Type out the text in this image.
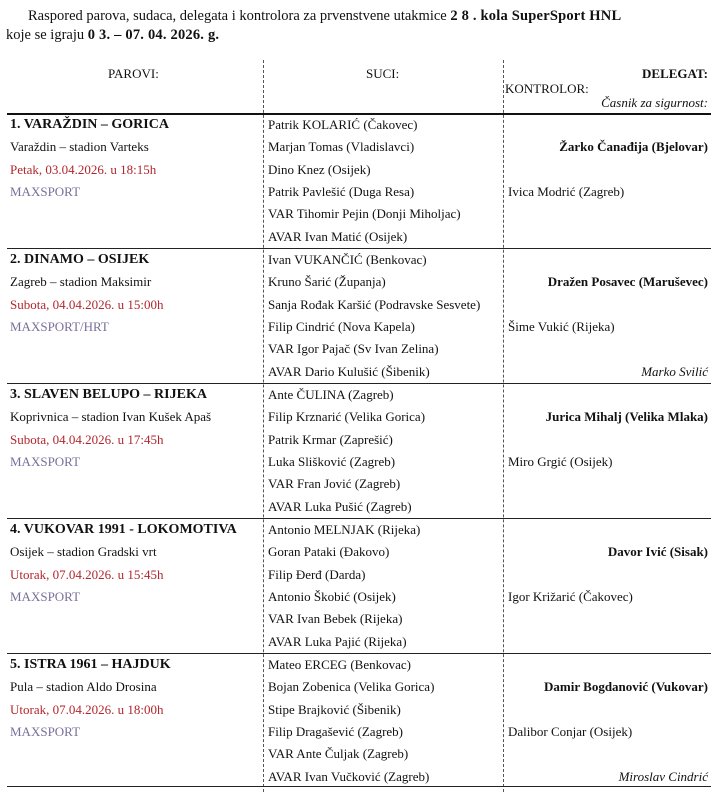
Raspored parova, sudaca, delegata i kontrolora za prvenstvene utakmice 2 8 . kola SuperSport HNL
koje se igraju 0 3. – 07. 04. 2026. g.
PAROVI:	SUCI:	DELEGAT:
KONTROLOR:
Časnik za sigurnost:
1. VARAŽDIN – GORICA
Varaždin – stadion Varteks
Petak, 03.04.2026. u 18:15h
MAXSPORT
Patrik KOLARIĆ (Čakovec)
Marjan Tomas (Vladislavci)
Dino Knez (Osijek)
Patrik Pavlešić (Duga Resa)
VAR Tihomir Pejin (Donji Miholjac)
AVAR Ivan Matić (Osijek)
Žarko Čanađija (Bjelovar)
Ivica Modrić (Zagreb)
2. DINAMO – OSIJEK
Zagreb – stadion Maksimir
Subota, 04.04.2026. u 15:00h
MAXSPORT/HRT
Ivan VUKANČIĆ (Benkovac)
Kruno Šarić (Županja)
Sanja Rođak Karšić (Podravske Sesvete)
Filip Cindrić (Nova Kapela)
VAR Igor Pajač (Sv Ivan Zelina)
AVAR Dario Kulušić (Šibenik)
Dražen Posavec (Maruševec)
Šime Vukić (Rijeka)
Marko Svilić
3. SLAVEN BELUPO – RIJEKA
Koprivnica – stadion Ivan Kušek Apaš
Subota, 04.04.2026. u 17:45h
MAXSPORT
Ante ČULINA (Zagreb)
Filip Krznarić (Velika Gorica)
Patrik Krmar (Zaprešić)
Luka Slišković (Zagreb)
VAR Fran Jović (Zagreb)
AVAR Luka Pušić (Zagreb)
Jurica Mihalj (Velika Mlaka)
Miro Grgić (Osijek)
4. VUKOVAR 1991 - LOKOMOTIVA
Osijek – stadion Gradski vrt
Utorak, 07.04.2026. u 15:45h
MAXSPORT
Antonio MELNJAK (Rijeka)
Goran Pataki (Đakovo)
Filip Đerđ (Darda)
Antonio Škobić (Osijek)
VAR Ivan Bebek (Rijeka)
AVAR Luka Pajić (Rijeka)
Davor Ivić (Sisak)
Igor Križarić (Čakovec)
5. ISTRA 1961 – HAJDUK
Pula – stadion Aldo Drosina
Utorak, 07.04.2026. u 18:00h
MAXSPORT
Mateo ERCEG (Benkovac)
Bojan Zobenica (Velika Gorica)
Stipe Brajković (Šibenik)
Filip Dragašević (Zagreb)
VAR Ante Čuljak (Zagreb)
AVAR Ivan Vučković (Zagreb)
Damir Bogdanović (Vukovar)
Dalibor Conjar (Osijek)
Miroslav Cindrić
